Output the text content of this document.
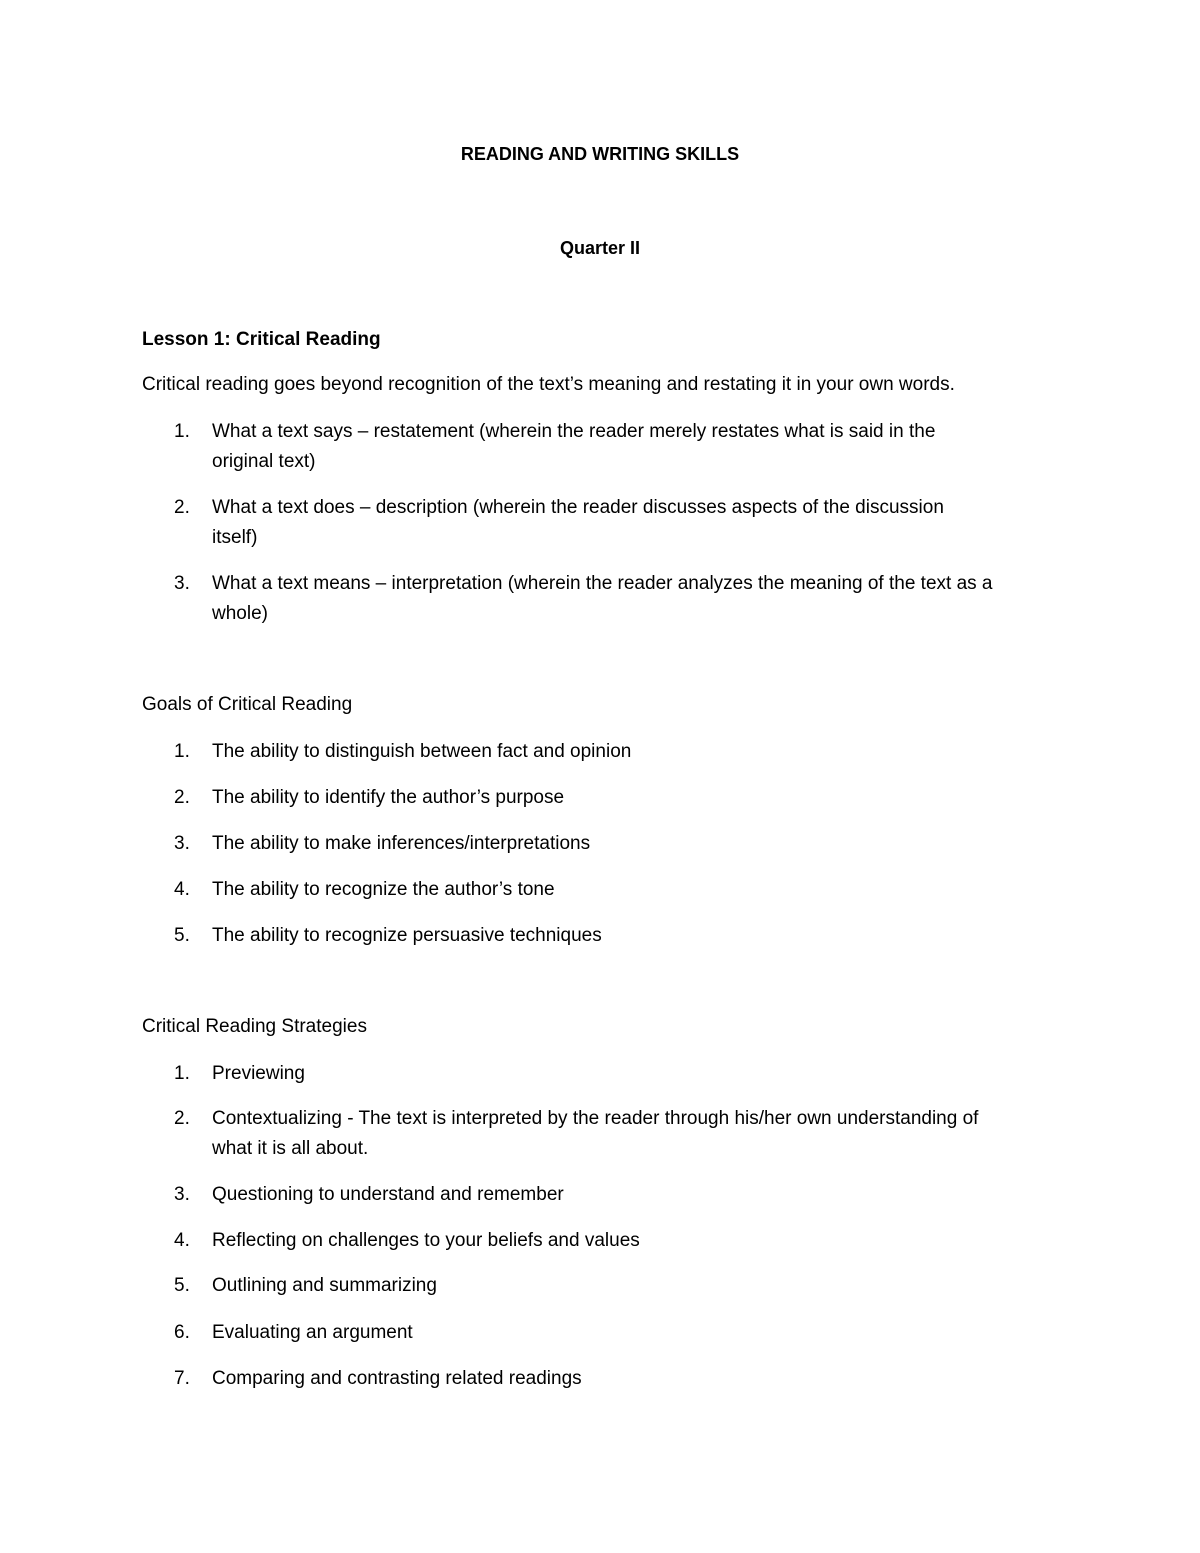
READING AND WRITING SKILLS
Quarter II
Lesson 1: Critical Reading
Critical reading goes beyond recognition of the text’s meaning and restating it in your own words.
1.	What a text says – restatement (wherein the reader merely restates what is said in the
original text)
2.	What a text does – description (wherein the reader discusses aspects of the discussion
itself)
3.	What a text means – interpretation (wherein the reader analyzes the meaning of the text as a
whole)
Goals of Critical Reading
1.	The ability to distinguish between fact and opinion
2.	The ability to identify the author’s purpose
3.	The ability to make inferences/interpretations
4.	The ability to recognize the author’s tone
5.	The ability to recognize persuasive techniques
Critical Reading Strategies
1.	Previewing
2.	Contextualizing - The text is interpreted by the reader through his/her own understanding of
what it is all about.
3.	Questioning to understand and remember
4.	Reflecting on challenges to your beliefs and values
5.	Outlining and summarizing
6.	Evaluating an argument
7.	Comparing and contrasting related readings
